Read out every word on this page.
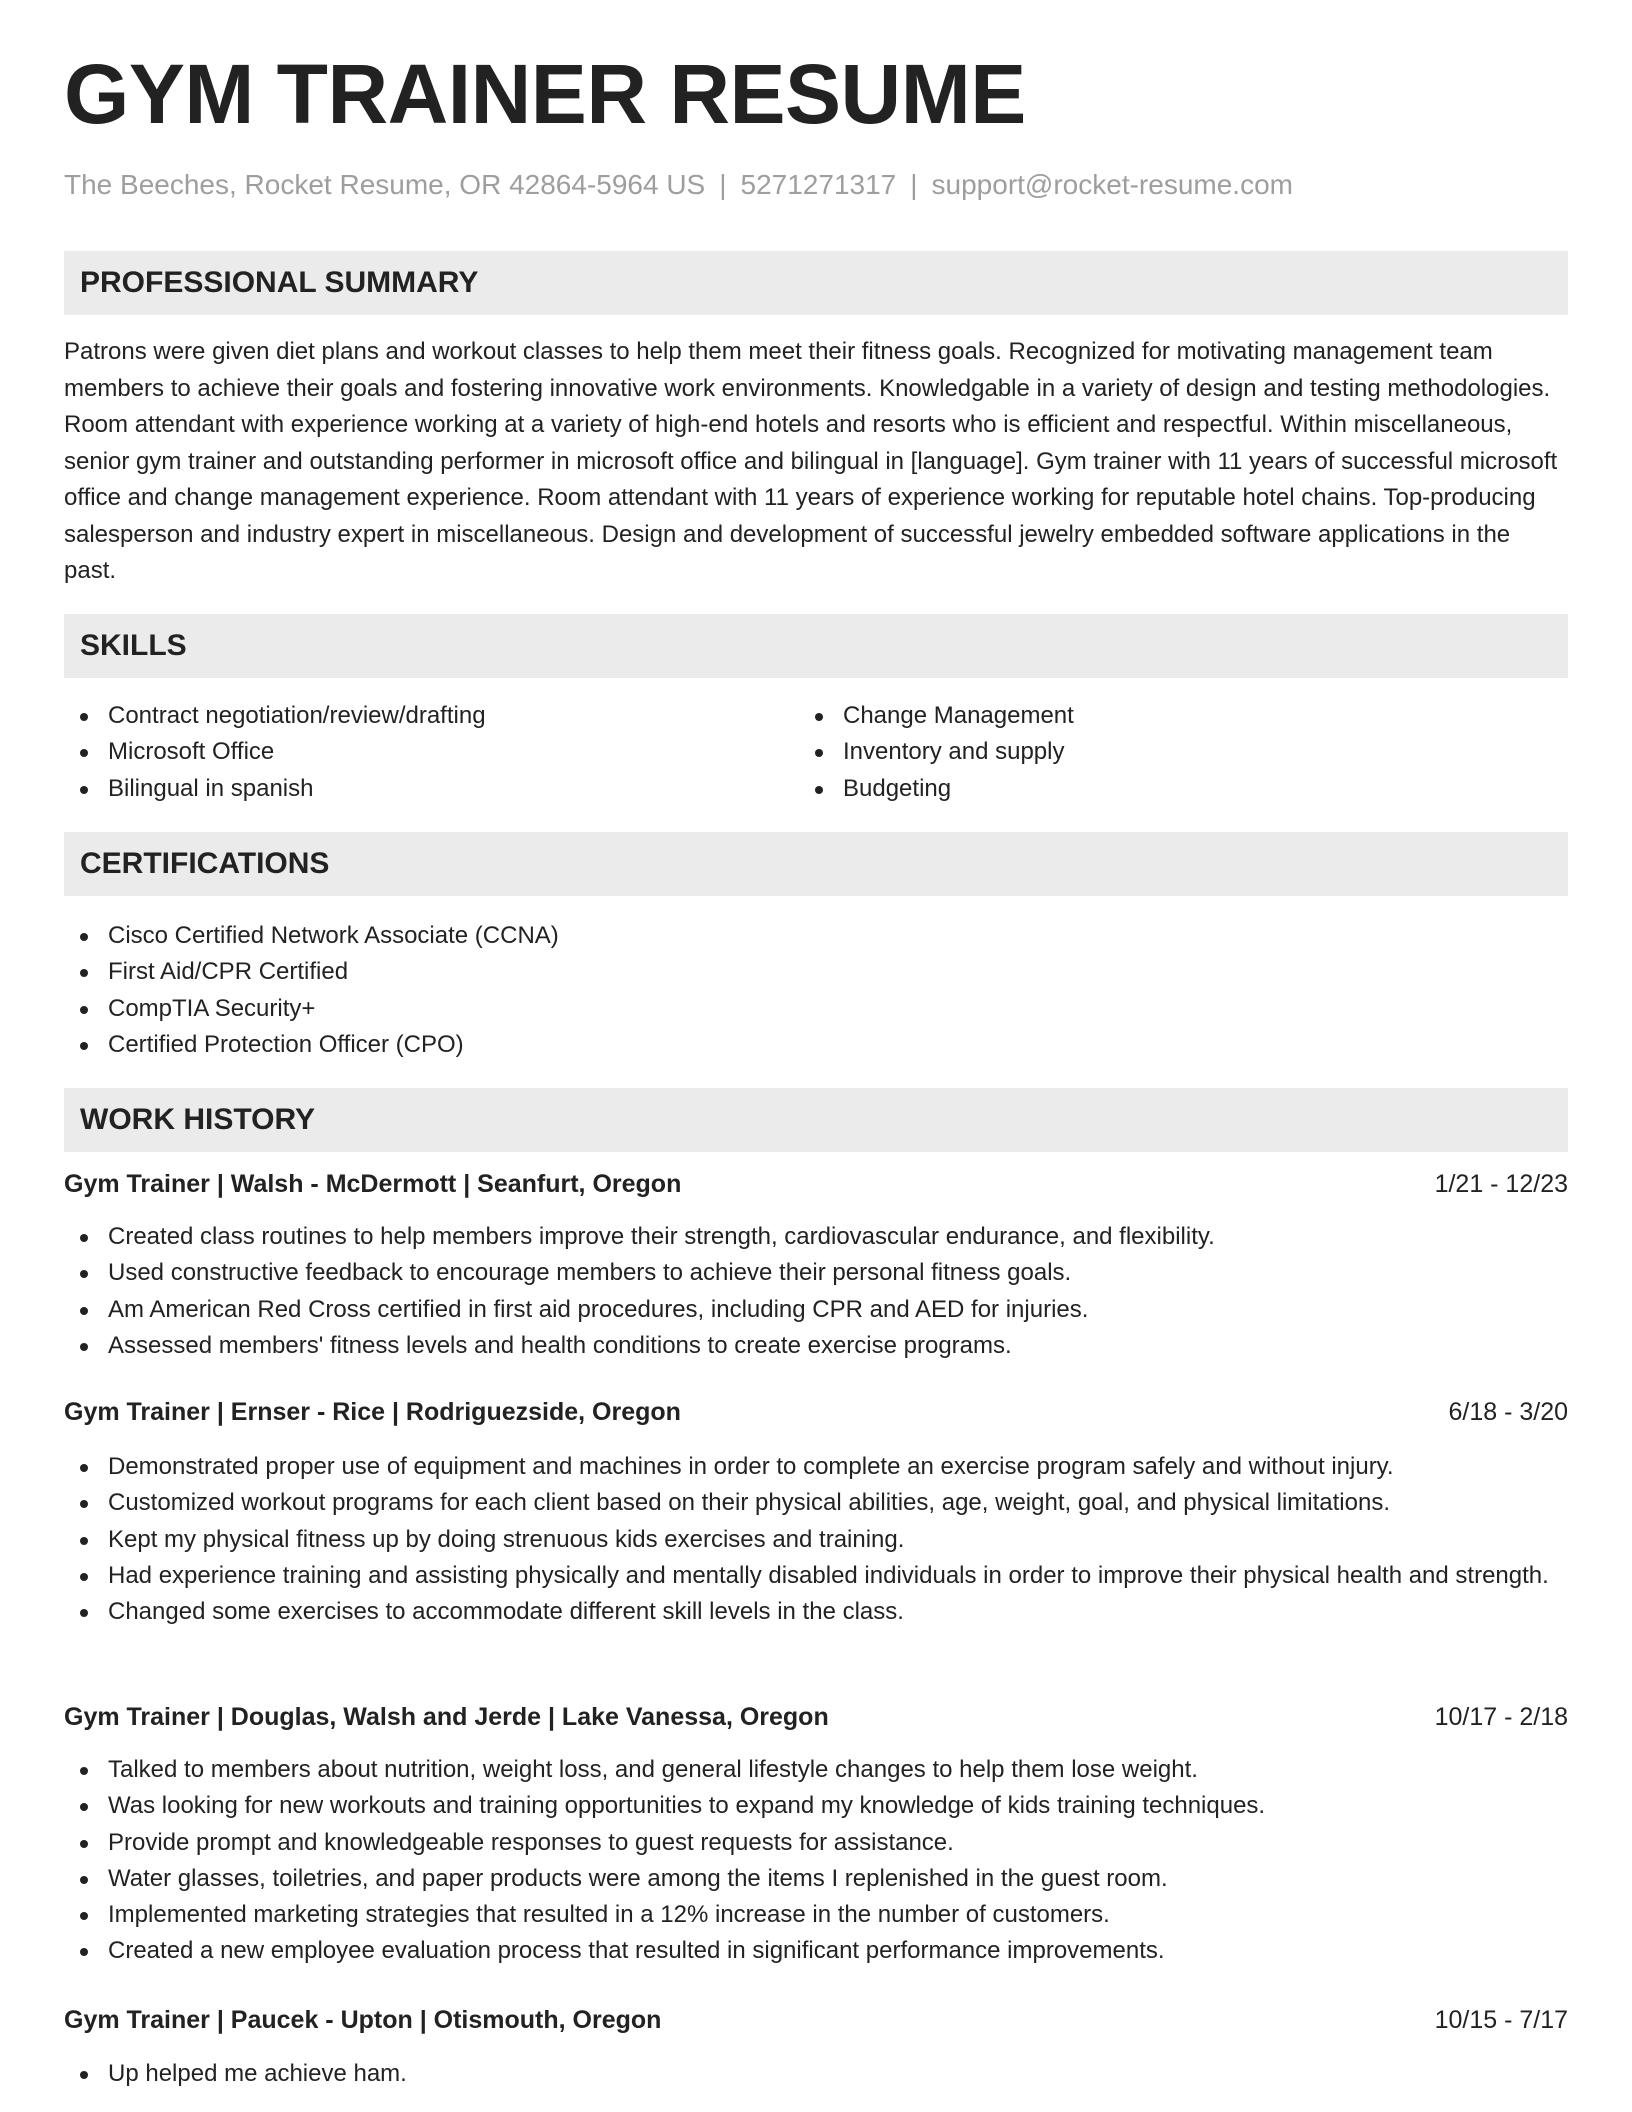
GYM TRAINER RESUME
The Beeches, Rocket Resume, OR 42864-5964 US | 5271271317 | support@rocket-resume.com
PROFESSIONAL SUMMARY

Patrons were given diet plans and workout classes to help them meet their fitness goals. Recognized for motivating management team members to achieve their goals and fostering innovative work environments. Knowledgable in a variety of design and testing methodologies. Room attendant with experience working at a variety of high-end hotels and resorts who is efficient and respectful. Within miscellaneous, senior gym trainer and outstanding performer in microsoft office and bilingual in [language]. Gym trainer with 11 years of successful microsoft office and change management experience. Room attendant with 11 years of experience working for reputable hotel chains. Top-producing salesperson and industry expert in miscellaneous. Design and development of successful jewelry embedded software applications in the past.

SKILLS
Contract negotiation/review/drafting
Microsoft Office
Bilingual in spanish
Change Management
Inventory and supply
Budgeting
CERTIFICATIONS
Cisco Certified Network Associate (CCNA)
First Aid/CPR Certified
CompTIA Security+
Certified Protection Officer (CPO)
WORK HISTORY
Gym Trainer | Walsh - McDermott | Seanfurt, Oregon	1/21 - 12/23
Created class routines to help members improve their strength, cardiovascular endurance, and flexibility.
Used constructive feedback to encourage members to achieve their personal fitness goals.
Am American Red Cross certified in first aid procedures, including CPR and AED for injuries.
Assessed members' fitness levels and health conditions to create exercise programs.
Gym Trainer | Ernser - Rice | Rodriguezside, Oregon	6/18 - 3/20
Demonstrated proper use of equipment and machines in order to complete an exercise program safely and without injury.
Customized workout programs for each client based on their physical abilities, age, weight, goal, and physical limitations.
Kept my physical fitness up by doing strenuous kids exercises and training.
Had experience training and assisting physically and mentally disabled individuals in order to improve their physical health and strength.
Changed some exercises to accommodate different skill levels in the class.
Gym Trainer | Douglas, Walsh and Jerde | Lake Vanessa, Oregon	10/17 - 2/18
Talked to members about nutrition, weight loss, and general lifestyle changes to help them lose weight.
Was looking for new workouts and training opportunities to expand my knowledge of kids training techniques.
Provide prompt and knowledgeable responses to guest requests for assistance.
Water glasses, toiletries, and paper products were among the items I replenished in the guest room.
Implemented marketing strategies that resulted in a 12% increase in the number of customers.
Created a new employee evaluation process that resulted in significant performance improvements.
Gym Trainer | Paucek - Upton | Otismouth, Oregon	10/15 - 7/17
Up helped me achieve ham.
